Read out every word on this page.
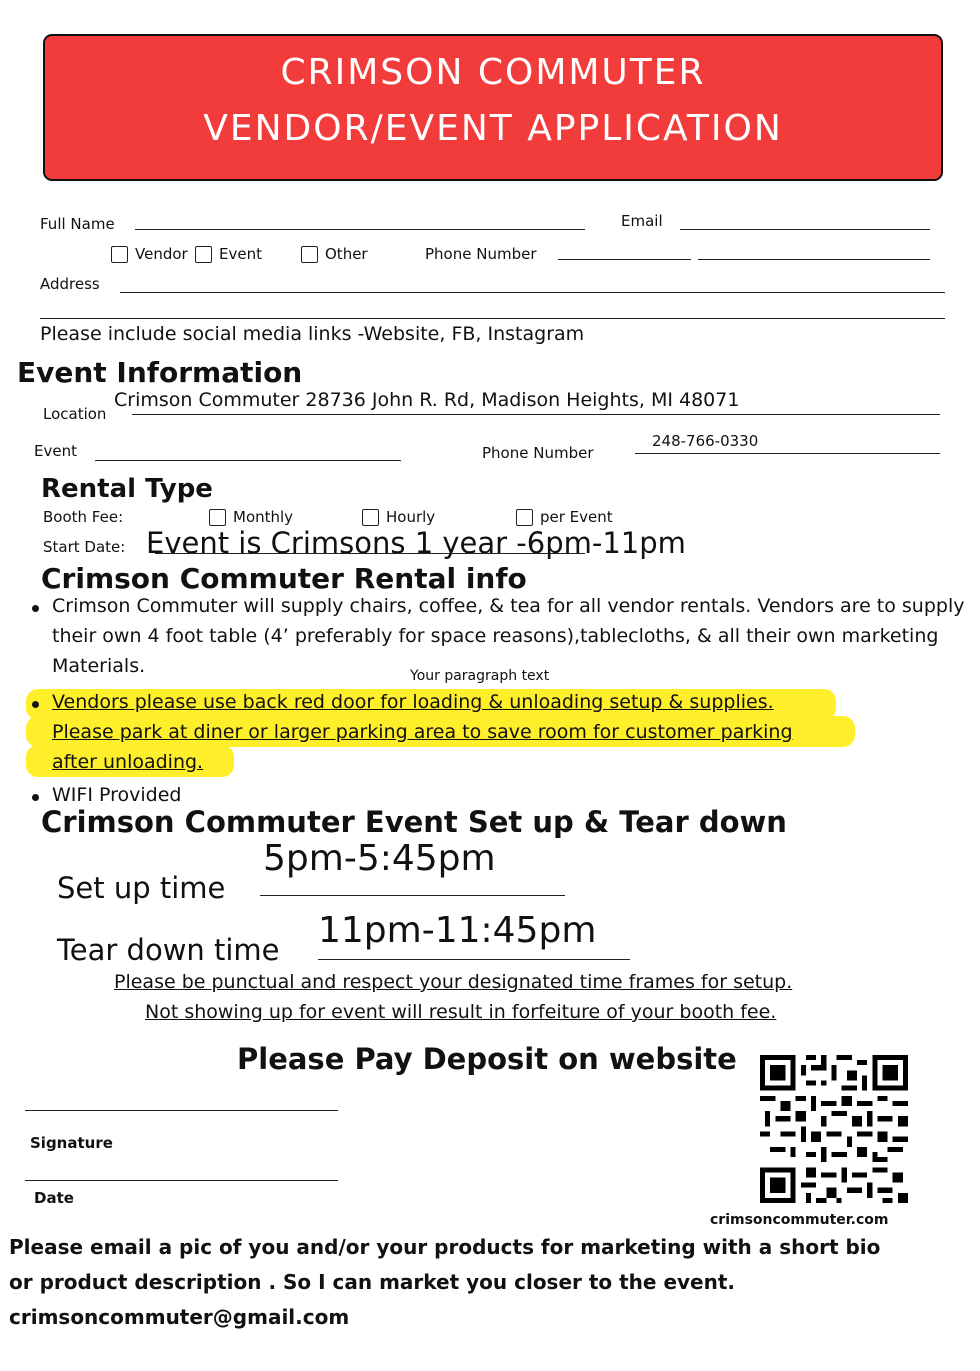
CRIMSON COMMUTER
VENDOR/EVENT APPLICATION
Full Name	Email
Vendor Event	Other	Phone Number
Address
Please include social media links -Website, FB, Instagram
Event Information
Location
Crimson Commuter 28736 John R. Rd, Madison Heights, MI 48071
Event	Phone Number
248-766-0330
Rental Type
Booth Fee:	Monthly	Hourly	per Event
Start Date: Event is Crimsons 1 year -6pm-11pm
Crimson Commuter Rental info
Crimson Commuter will supply chairs, coffee, & tea for all vendor rentals. Vendors are to supply their own 4 foot table (4’ preferably for space reasons),tablecloths, & all their own marketing Materials.	Your paragraph text
Vendors please use back red door for loading & unloading setup & supplies.
Please park at diner or larger parking area to save room for customer parking
after unloading.
WIFI Provided
Crimson Commuter Event Set up & Tear down
5pm-5:45pm
Set up time
11pm-11:45pm
Tear down time
Please be punctual and respect your designated time frames for setup.
Not showing up for event will result in forfeiture of your booth fee.
Please Pay Deposit on website
Signature
Date
crimsoncommuter.com
Please email a pic of you and/or your products for marketing with a short bio
or product description . So I can market you closer to the event.
crimsoncommuter@gmail.com
